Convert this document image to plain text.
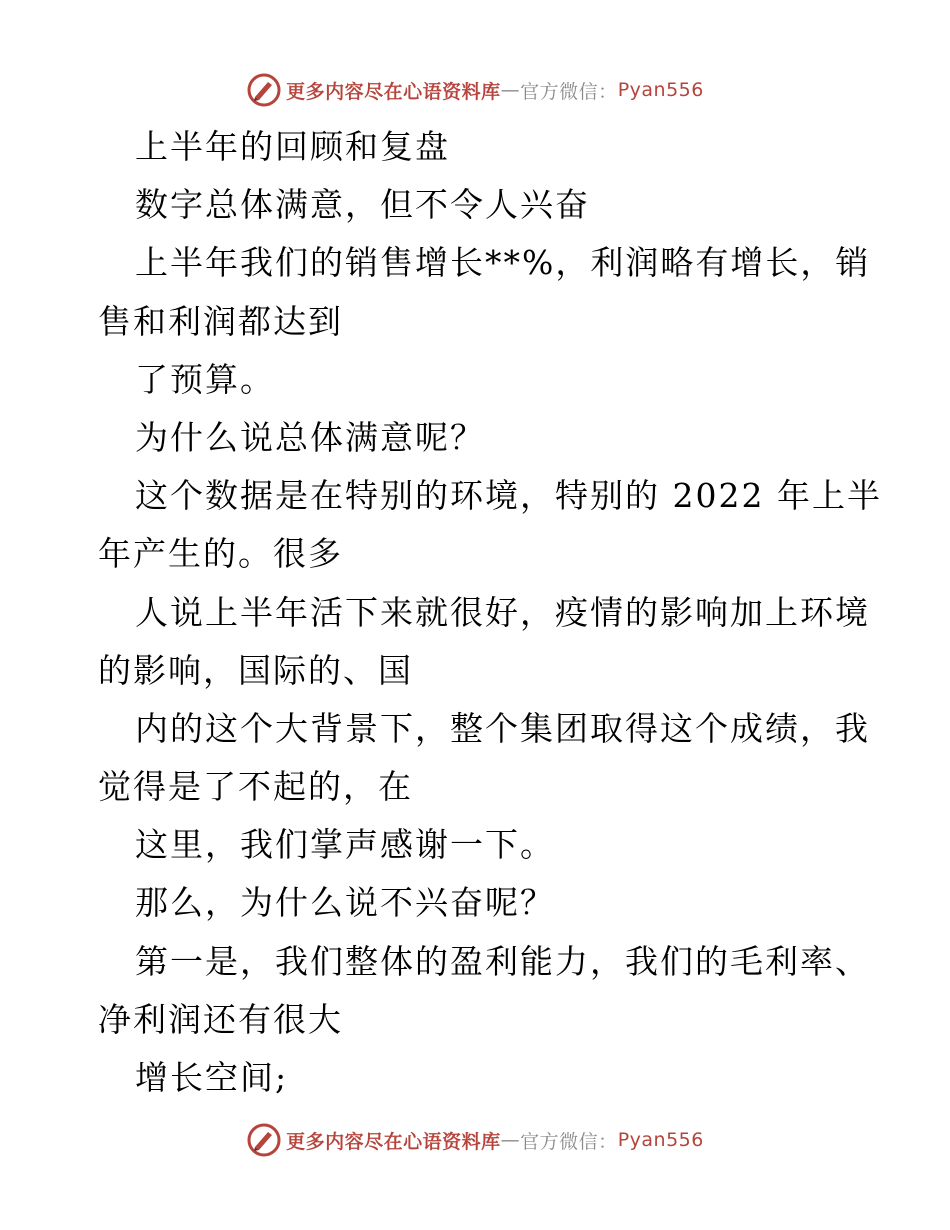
更多内容尽在心语资料库 — 官方微信： Pyan556
上半年的回顾和复盘
数字总体满意，但不令人兴奋
上半年我们的销售增长**%，利润略有增长，销
售和利润都达到
了预算。
为什么说总体满意呢？
这个数据是在特别的环境，特别的 2022 年上半
年产生的。很多
人说上半年活下来就很好，疫情的影响加上环境
的影响，国际的、国
内的这个大背景下，整个集团取得这个成绩，我
觉得是了不起的，在
这里，我们掌声感谢一下。
那么，为什么说不兴奋呢？
第一是，我们整体的盈利能力，我们的毛利率、
净利润还有很大
增长空间;
更多内容尽在心语资料库 — 官方微信： Pyan556
